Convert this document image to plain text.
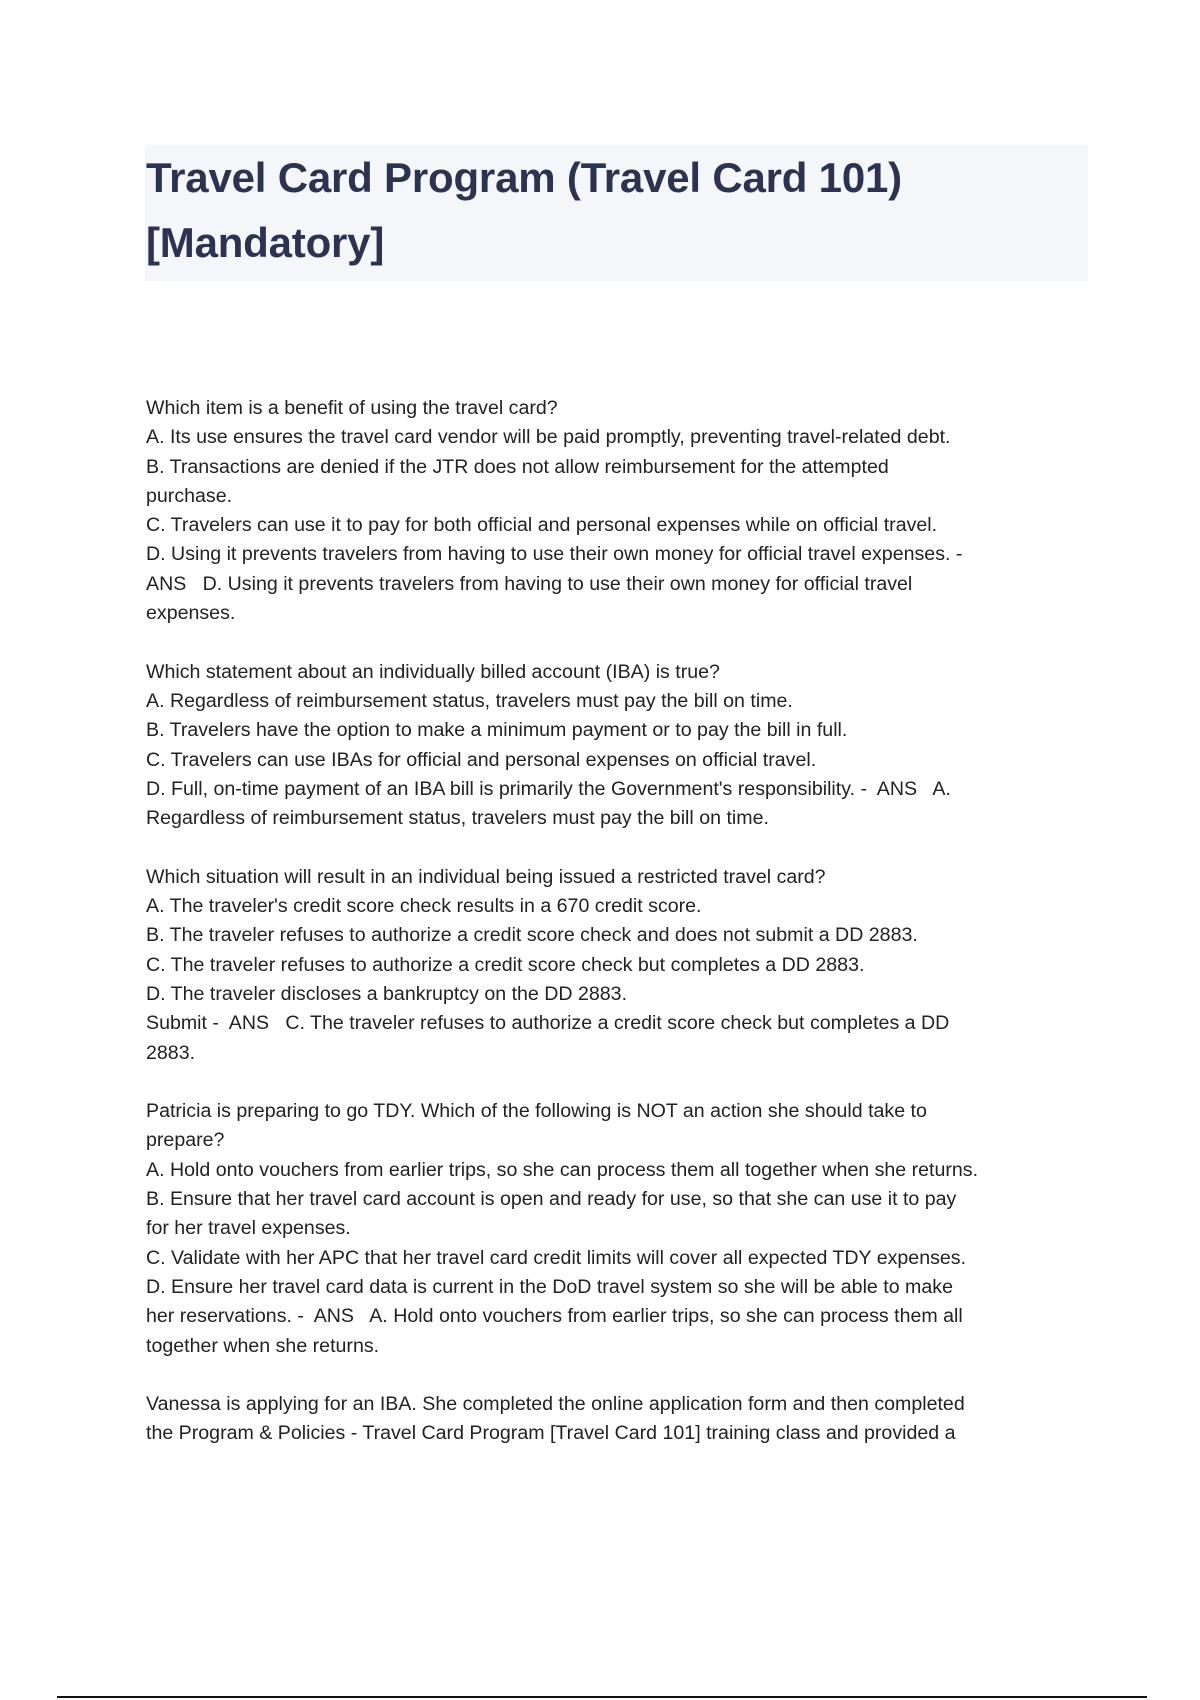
Travel Card Program (Travel Card 101)
[Mandatory]

Which item is a benefit of using the travel card?
A. Its use ensures the travel card vendor will be paid promptly, preventing travel-related debt.
B. Transactions are denied if the JTR does not allow reimbursement for the attempted
purchase.
C. Travelers can use it to pay for both official and personal expenses while on official travel.
D. Using it prevents travelers from having to use their own money for official travel expenses. -
ANS   D. Using it prevents travelers from having to use their own money for official travel
expenses.

Which statement about an individually billed account (IBA) is true?
A. Regardless of reimbursement status, travelers must pay the bill on time.
B. Travelers have the option to make a minimum payment or to pay the bill in full.
C. Travelers can use IBAs for official and personal expenses on official travel.
D. Full, on-time payment of an IBA bill is primarily the Government's responsibility. -  ANS   A.
Regardless of reimbursement status, travelers must pay the bill on time.

Which situation will result in an individual being issued a restricted travel card?
A. The traveler's credit score check results in a 670 credit score.
B. The traveler refuses to authorize a credit score check and does not submit a DD 2883.
C. The traveler refuses to authorize a credit score check but completes a DD 2883.
D. The traveler discloses a bankruptcy on the DD 2883.
Submit -  ANS   C. The traveler refuses to authorize a credit score check but completes a DD
2883.

Patricia is preparing to go TDY. Which of the following is NOT an action she should take to
prepare?
A. Hold onto vouchers from earlier trips, so she can process them all together when she returns.
B. Ensure that her travel card account is open and ready for use, so that she can use it to pay
for her travel expenses.
C. Validate with her APC that her travel card credit limits will cover all expected TDY expenses.
D. Ensure her travel card data is current in the DoD travel system so she will be able to make
her reservations. -  ANS   A. Hold onto vouchers from earlier trips, so she can process them all
together when she returns.

Vanessa is applying for an IBA. She completed the online application form and then completed
the Program & Policies - Travel Card Program [Travel Card 101] training class and provided a
